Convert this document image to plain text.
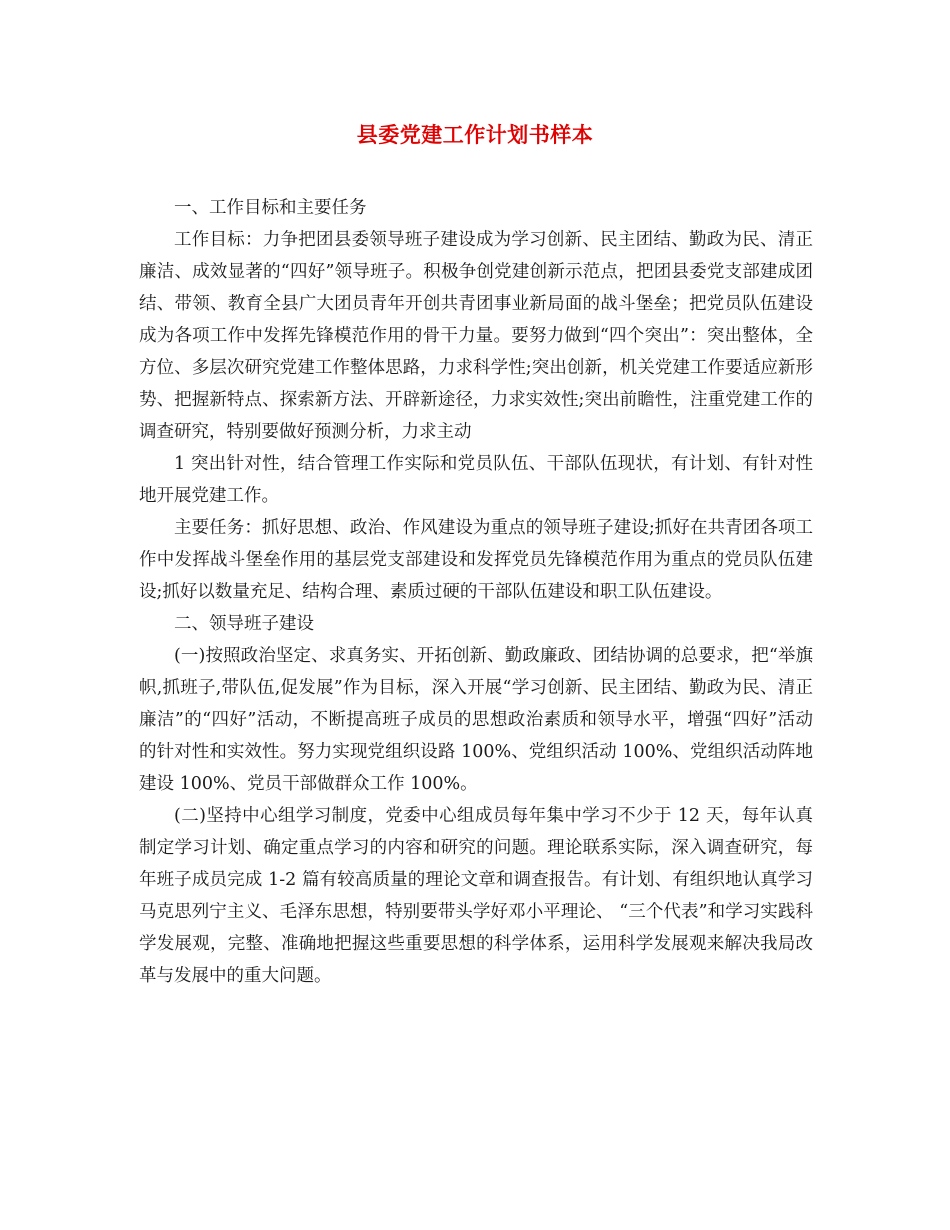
县委党建工作计划书样本

一、工作目标和主要任务

工作目标：力争把团县委领导班子建设成为学习创新、民主团结、勤政为民、清正廉洁、成效显著的“四好”领导班子。积极争创党建创新示范点，把团县委党支部建成团结、带领、教育全县广大团员青年开创共青团事业新局面的战斗堡垒；把党员队伍建设成为各项工作中发挥先锋模范作用的骨干力量。要努力做到“四个突出”：突出整体，全方位、多层次研究党建工作整体思路，力求科学性;突出创新，机关党建工作要适应新形势、把握新特点、探索新方法、开辟新途径，力求实效性;突出前瞻性，注重党建工作的调查研究，特别要做好预测分析，力求主动

1 突出针对性，结合管理工作实际和党员队伍、干部队伍现状，有计划、有针对性地开展党建工作。

主要任务：抓好思想、政治、作风建设为重点的领导班子建设;抓好在共青团各项工作中发挥战斗堡垒作用的基层党支部建设和发挥党员先锋模范作用为重点的党员队伍建设;抓好以数量充足、结构合理、素质过硬的干部队伍建设和职工队伍建设。

二、领导班子建设

(一)按照政治坚定、求真务实、开拓创新、勤政廉政、团结协调的总要求，把“举旗帜,抓班子,带队伍,促发展”作为目标，深入开展“学习创新、民主团结、勤政为民、清正廉洁”的“四好”活动，不断提高班子成员的思想政治素质和领导水平，增强“四好”活动的针对性和实效性。努力实现党组织设路 100%、党组织活动 100%、党组织活动阵地建设 100%、党员干部做群众工作 100%。

(二)坚持中心组学习制度，党委中心组成员每年集中学习不少于 12 天，每年认真制定学习计划、确定重点学习的内容和研究的问题。理论联系实际，深入调查研究，每年班子成员完成 1-2 篇有较高质量的理论文章和调查报告。有计划、有组织地认真学习马克思列宁主义、毛泽东思想，特别要带头学好邓小平理论、 “三个代表”和学习实践科学发展观，完整、准确地把握这些重要思想的科学体系，运用科学发展观来解决我局改革与发展中的重大问题。
